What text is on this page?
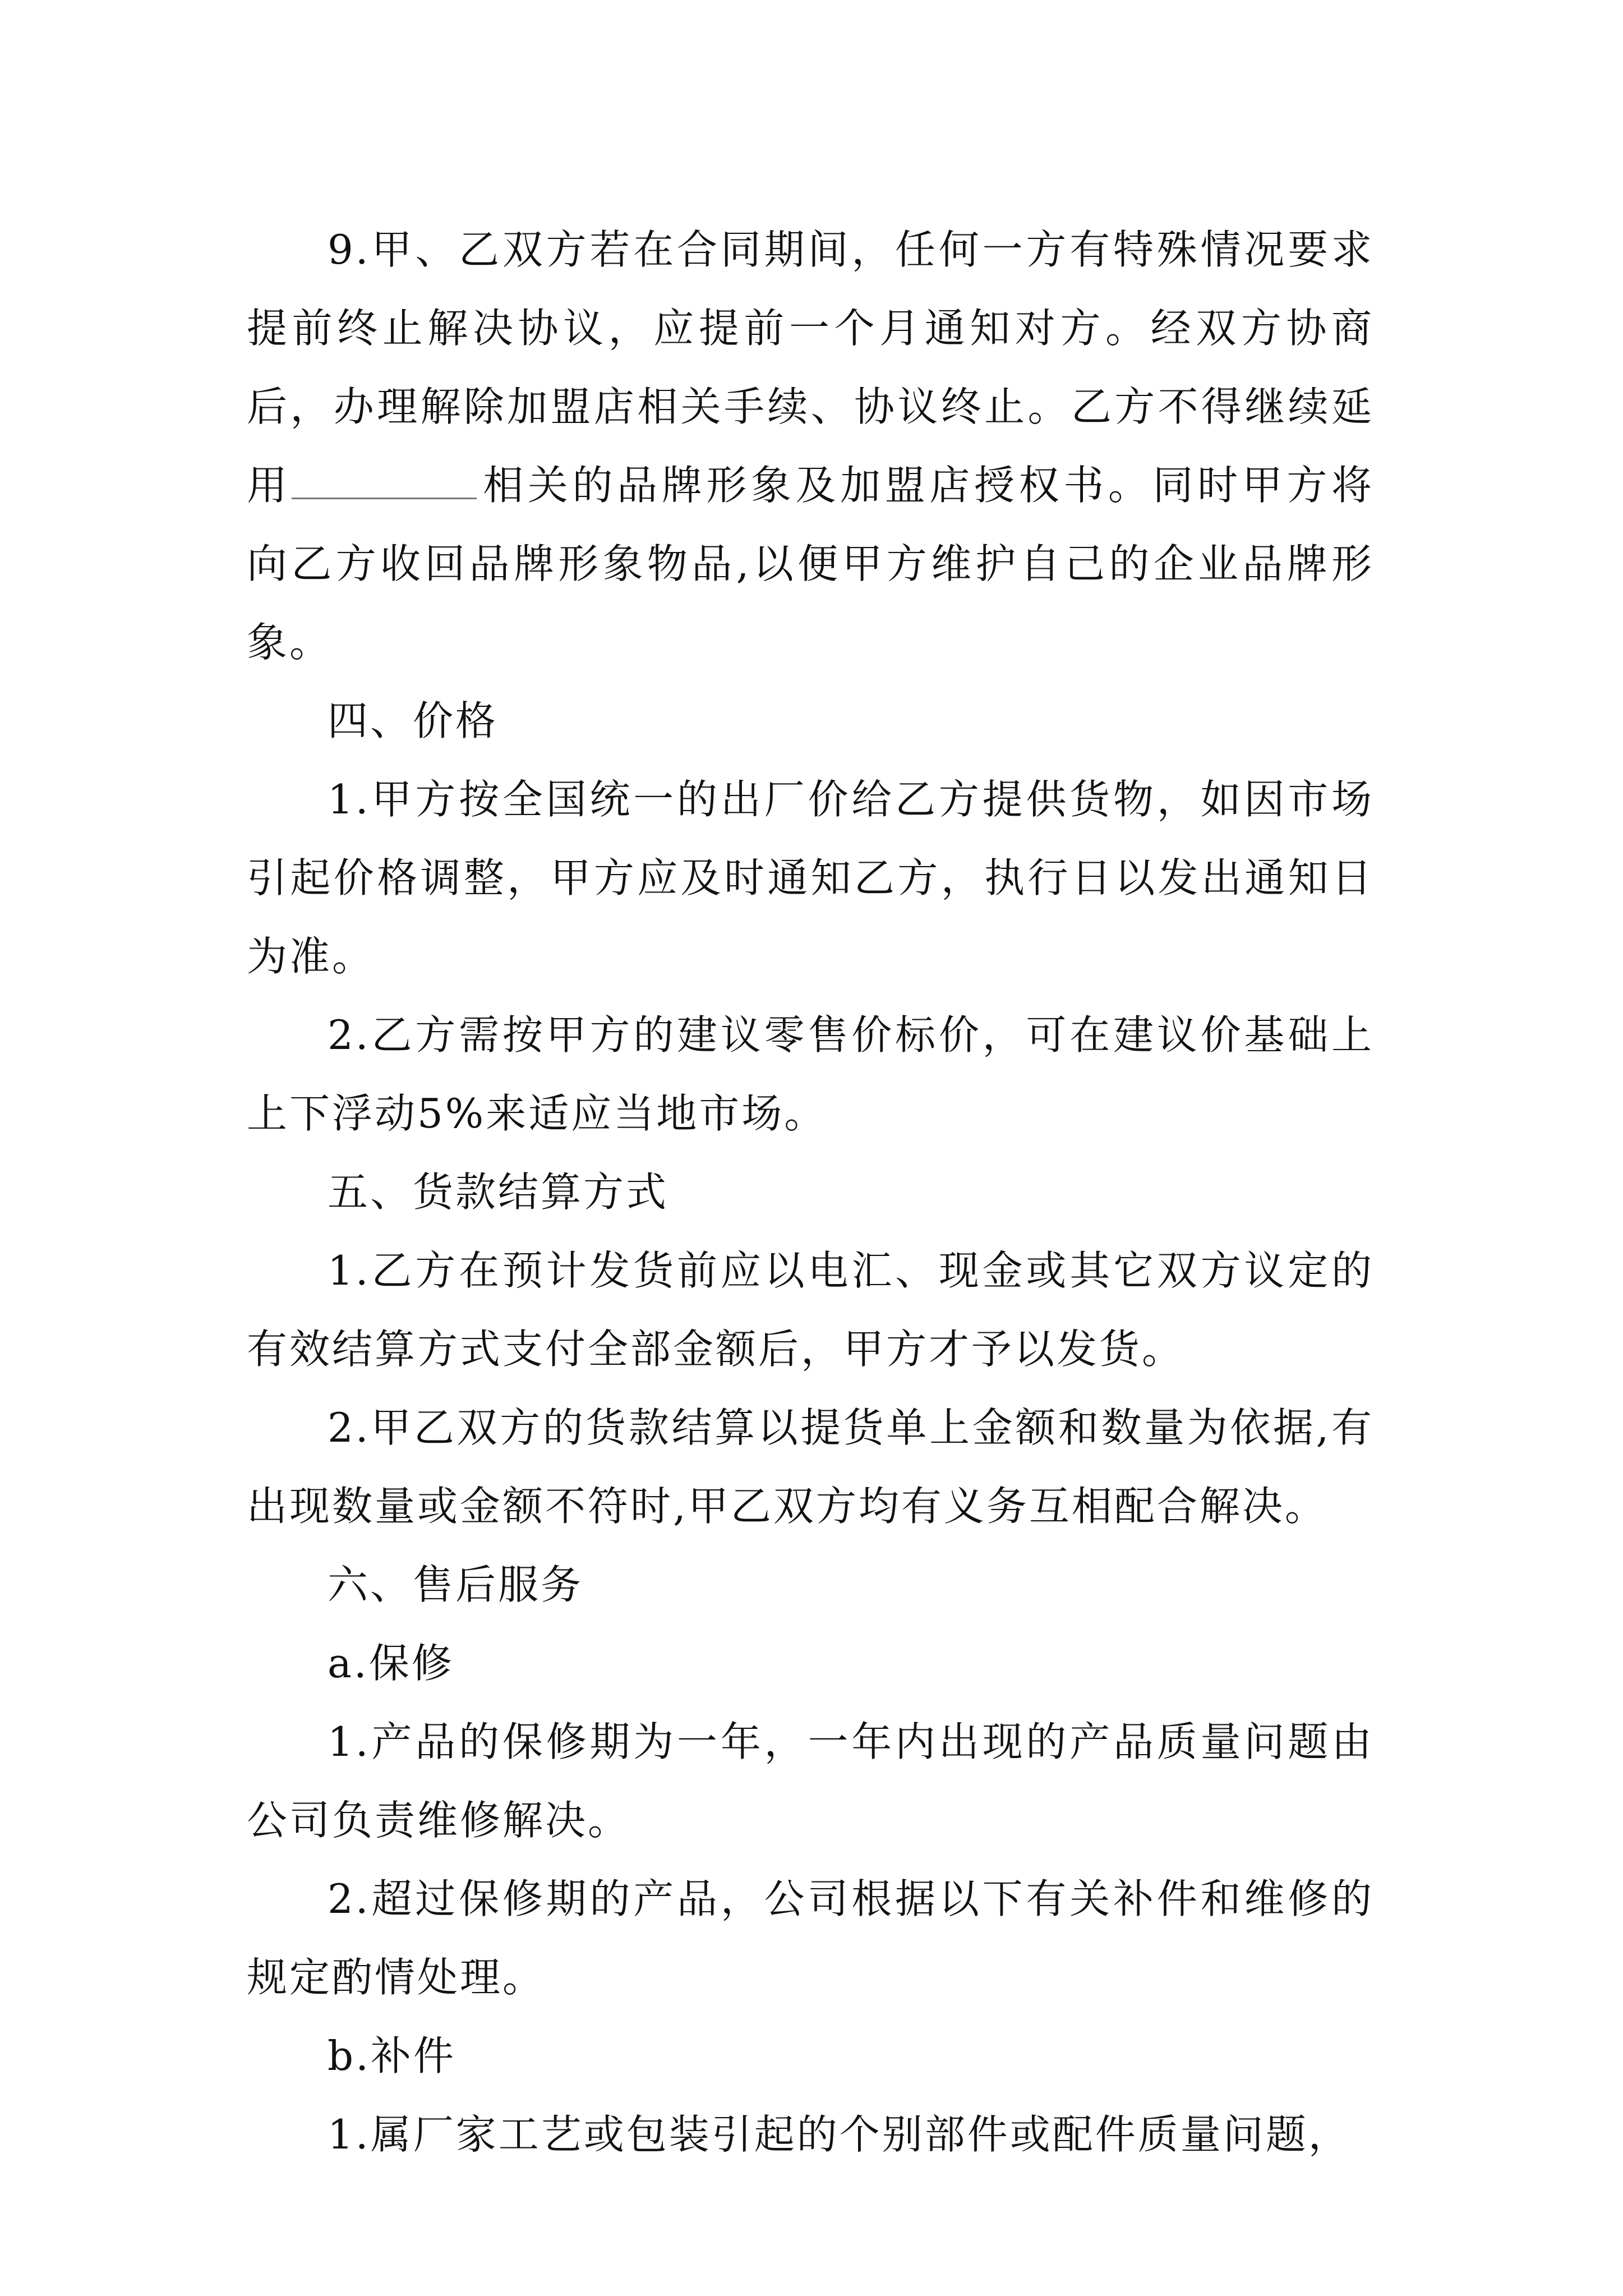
9.甲、乙双方若在合同期间，任何一方有特殊情况要求提前终止解决协议，应提前一个月通知对方。经双方协商后，办理解除加盟店相关手续、协议终止。乙方不得继续延用	相关的品牌形象及加盟店授权书。同时甲方将向乙方收回品牌形象物品,以便甲方维护自己的企业品牌形象。

四、价格

1.甲方按全国统一的出厂价给乙方提供货物，如因市场引起价格调整，甲方应及时通知乙方，执行日以发出通知日为准。

2.乙方需按甲方的建议零售价标价，可在建议价基础上上下浮动5%来适应当地市场。

五、货款结算方式

1.乙方在预计发货前应以电汇、现金或其它双方议定的有效结算方式支付全部金额后，甲方才予以发货。

2.甲乙双方的货款结算以提货单上金额和数量为依据,有出现数量或金额不符时,甲乙双方均有义务互相配合解决。

六、售后服务

a.保修

1.产品的保修期为一年，一年内出现的产品质量问题由公司负责维修解决。

2.超过保修期的产品，公司根据以下有关补件和维修的规定酌情处理。

b.补件

1.属厂家工艺或包装引起的个别部件或配件质量问题，
